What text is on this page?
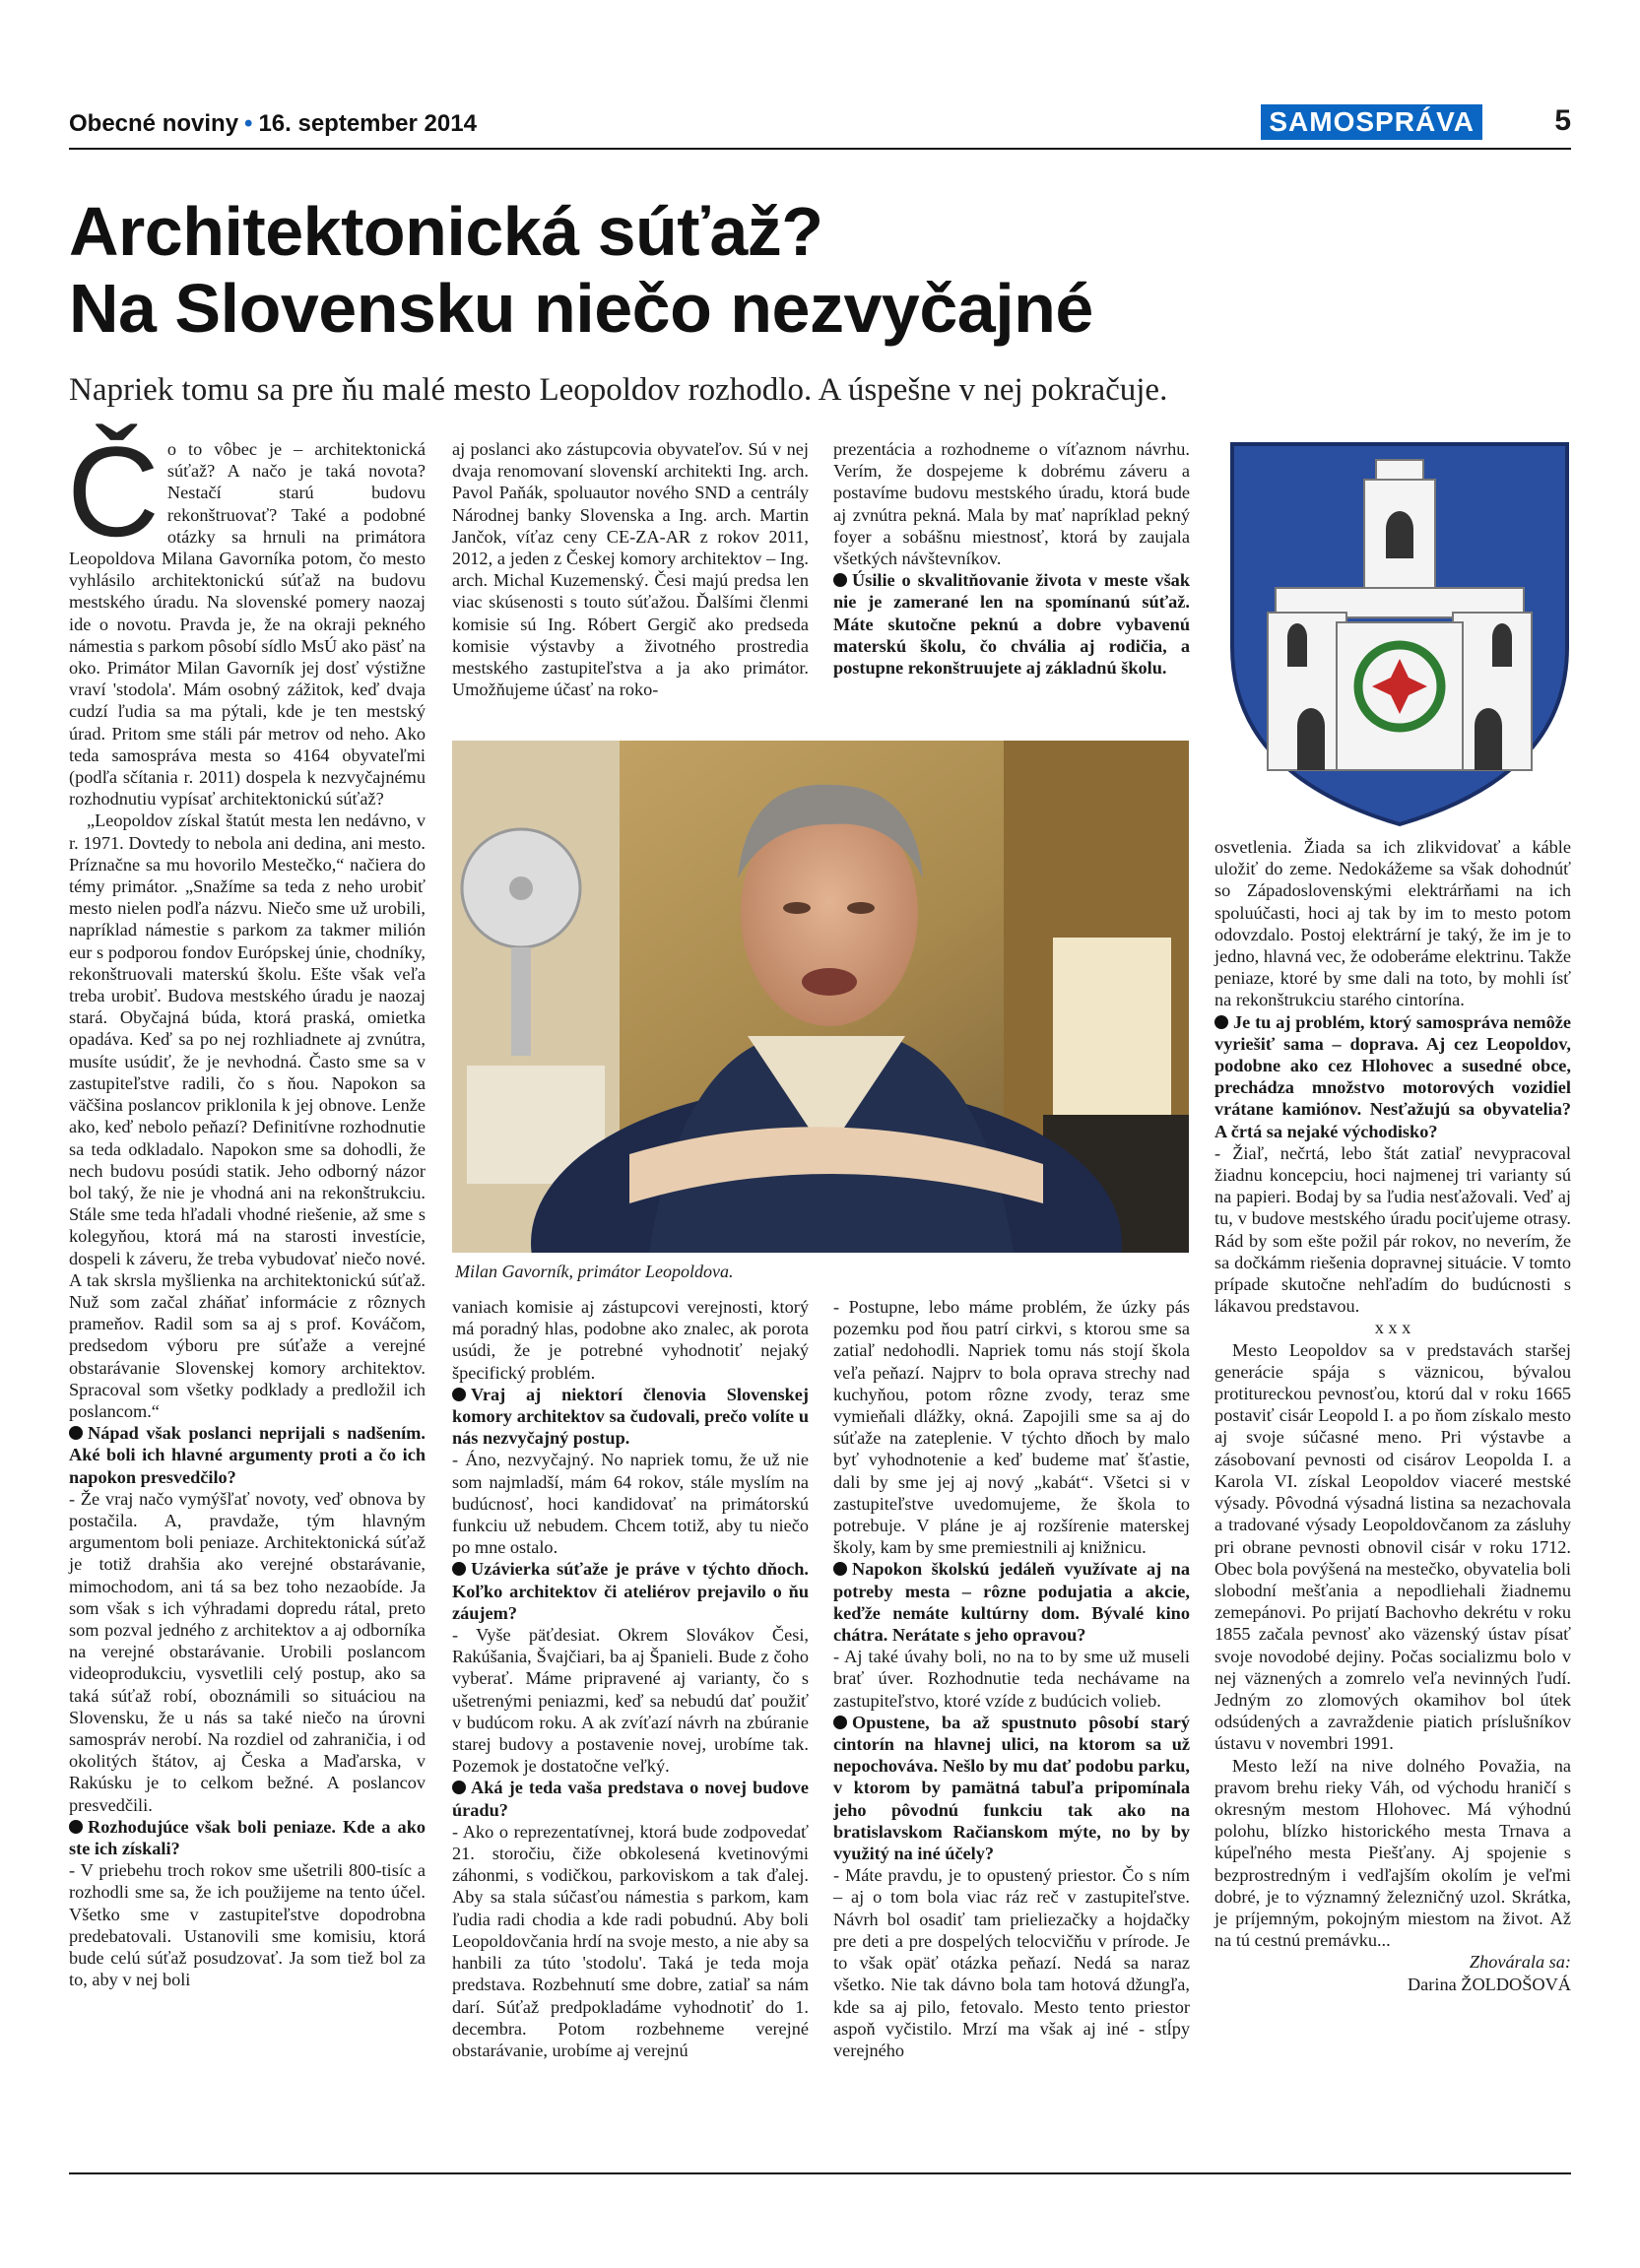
Obecné noviny • 16. september 2014	SAMOSPRÁVA	5
Architektonická súťaž?
Na Slovensku niečo nezvyčajné
Napriek tomu sa pre ňu malé mesto Leopoldov rozhodlo. A úspešne v nej pokračuje.
Č o to vôbec je – architektonická súťaž? A načo je taká novota? Nestačí starú budovu rekonštruovať? Také a podobné otázky sa hrnuli na primátora Leopoldova Milana Gavorníka potom, čo mesto vyhlásilo architektonickú súťaž na budovu mestského úradu. Na slovenské pomery naozaj ide o novotu. Pravda je, že na okraji pekného námestia s parkom pôsobí sídlo MsÚ ako päsť na oko. Primátor Milan Gavorník jej dosť výstižne vraví 'stodola'. Mám osobný zážitok, keď dvaja cudzí ľudia sa ma pýtali, kde je ten mestský úrad. Pritom sme stáli pár metrov od neho. Ako teda samospráva mesta so 4164 obyvateľmi (podľa sčítania r. 2011) dospela k nezvyčajnému rozhodnutiu vypísať architektonickú súťaž?

„Leopoldov získal štatút mesta len nedávno, v r. 1971. Dovtedy to nebola ani dedina, ani mesto. Príznačne sa mu hovorilo Mestečko,“ načiera do témy primátor. „Snažíme sa teda z neho urobiť mesto nielen podľa názvu. Niečo sme už urobili, napríklad námestie s parkom za takmer milión eur s podporou fondov Európskej únie, chodníky, rekonštruovali materskú školu. Ešte však veľa treba urobiť. Budova mestského úradu je naozaj stará. Obyčajná búda, ktorá praská, omietka opadáva. Keď sa po nej rozhliadnete aj zvnútra, musíte usúdiť, že je nevhodná. Často sme sa v zastupiteľstve radili, čo s ňou. Napokon sa väčšina poslancov priklonila k jej obnove. Lenže ako, keď nebolo peňazí? Definitívne rozhodnutie sa teda odkladalo. Napokon sme sa dohodli, že nech budovu posúdi statik. Jeho odborný názor bol taký, že nie je vhodná ani na rekonštrukciu. Stále sme teda hľadali vhodné riešenie, až sme s kolegyňou, ktorá má na starosti investície, dospeli k záveru, že treba vybudovať niečo nové. A tak skrsla myšlienka na architektonickú súťaž. Nuž som začal zháňať informácie z rôznych prameňov. Radil som sa aj s prof. Kováčom, predsedom výboru pre súťaže a verejné obstarávanie Slovenskej komory architektov. Spracoval som všetky podklady a predložil ich poslancom.“

Nápad však poslanci neprijali s nadšením. Aké boli ich hlavné argumenty proti a čo ich napokon presvedčilo?

- Že vraj načo vymýšľať novoty, veď obnova by postačila. A, pravdaže, tým hlavným argumentom boli peniaze. Architektonická súťaž je totiž drahšia ako verejné obstarávanie, mimochodom, ani tá sa bez toho nezaobíde. Ja som však s ich výhradami dopredu rátal, preto som pozval jedného z architektov a aj odborníka na verejné obstarávanie. Urobili poslancom videoprodukciu, vysvetlili celý postup, ako sa taká súťaž robí, oboznámili so situáciou na Slovensku, že u nás sa také niečo na úrovni samospráv nerobí. Na rozdiel od zahraničia, i od okolitých štátov, aj Česka a Maďarska, v Rakúsku je to celkom bežné. A poslancov presvedčili.

Rozhodujúce však boli peniaze. Kde a ako ste ich získali?

- V priebehu troch rokov sme ušetrili 800-tisíc a rozhodli sme sa, že ich použijeme na tento účel. Všetko sme v zastupiteľstve dopodrobna predebatovali. Ustanovili sme komisiu, ktorá bude celú súťaž posudzovať. Ja som tiež bol za to, aby v nej boli

aj poslanci ako zástupcovia obyvateľov. Sú v nej dvaja renomovaní slovenskí architekti Ing. arch. Pavol Paňák, spoluautor nového SND a centrály Národnej banky Slovenska a Ing. arch. Martin Jančok, víťaz ceny CE-ZA-AR z rokov 2011, 2012, a jeden z Českej komory architektov – Ing. arch. Michal Kuzemenský. Česi majú predsa len viac skúsenosti s touto súťažou. Ďalšími členmi komisie sú Ing. Róbert Gergič ako predseda komisie výstavby a životného prostredia mestského zastupiteľstva a ja ako primátor. Umožňujeme účasť na roko-

prezentácia a rozhodneme o víťaznom návrhu. Verím, že dospejeme k dobrému záveru a postavíme budovu mestského úradu, ktorá bude aj zvnútra pekná. Mala by mať napríklad pekný foyer a sobášnu miestnosť, ktorá by zaujala všetkých návštevníkov.

Úsilie o skvalitňovanie života v meste však nie je zamerané len na spomínanú súťaž. Máte skutočne peknú a dobre vybavenú materskú školu, čo chvália aj rodičia, a postupne rekonštruujete aj základnú školu.

Milan Gavorník, primátor Leopoldova.

vaniach komisie aj zástupcovi verejnosti, ktorý má poradný hlas, podobne ako znalec, ak porota usúdi, že je potrebné vyhodnotiť nejaký špecifický problém.

Vraj aj niektorí členovia Slovenskej komory architektov sa čudovali, prečo volíte u nás nezvyčajný postup.

- Áno, nezvyčajný. No napriek tomu, že už nie som najmladší, mám 64 rokov, stále myslím na budúcnosť, hoci kandidovať na primátorskú funkciu už nebudem. Chcem totiž, aby tu niečo po mne ostalo.

Uzávierka súťaže je práve v týchto dňoch. Koľko architektov či ateliérov prejavilo o ňu záujem?

- Vyše päťdesiat. Okrem Slovákov Česi, Rakúšania, Švajčiari, ba aj Španieli. Bude z čoho vyberať. Máme pripravené aj varianty, čo s ušetrenými peniazmi, keď sa nebudú dať použiť v budúcom roku. A ak zvíťazí návrh na zbúranie starej budovy a postavenie novej, urobíme tak. Pozemok je dostatočne veľký.

Aká je teda vaša predstava o novej budove úradu?

- Ako o reprezentatívnej, ktorá bude zodpovedať 21. storočiu, čiže obkolesená kvetinovými záhonmi, s vodičkou, parkoviskom a tak ďalej. Aby sa stala súčasťou námestia s parkom, kam ľudia radi chodia a kde radi pobudnú. Aby boli Leopoldovčania hrdí na svoje mesto, a nie aby sa hanbili za túto 'stodolu'. Taká je teda moja predstava. Rozbehnutí sme dobre, zatiaľ sa nám darí. Súťaž predpokladáme vyhodnotiť do 1. decembra. Potom rozbehneme verejné obstarávanie, urobíme aj verejnú

- Postupne, lebo máme problém, že úzky pás pozemku pod ňou patrí cirkvi, s ktorou sme sa zatiaľ nedohodli. Napriek tomu nás stojí škola veľa peňazí. Najprv to bola oprava strechy nad kuchyňou, potom rôzne zvody, teraz sme vymieňali dlážky, okná. Zapojili sme sa aj do súťaže na zateplenie. V týchto dňoch by malo byť vyhodnotenie a keď budeme mať šťastie, dali by sme jej aj nový „kabát“. Všetci si v zastupiteľstve uvedomujeme, že škola to potrebuje. V pláne je aj rozšírenie materskej školy, kam by sme premiestnili aj knižnicu.

Napokon školskú jedáleň využívate aj na potreby mesta – rôzne podujatia a akcie, keďže nemáte kultúrny dom. Bývalé kino chátra. Nerátate s jeho opravou?

- Aj také úvahy boli, no na to by sme už museli brať úver. Rozhodnutie teda nechávame na zastupiteľstvo, ktoré vzíde z budúcich volieb.

Opustene, ba až spustnuto pôsobí starý cintorín na hlavnej ulici, na ktorom sa už nepochováva. Nešlo by mu dať podobu parku, v ktorom by pamätná tabuľa pripomínala jeho pôvodnú funkciu tak ako na bratislavskom Račianskom mýte, no by by využitý na iné účely?

- Máte pravdu, je to opustený priestor. Čo s ním – aj o tom bola viac ráz reč v zastupiteľstve. Návrh bol osadiť tam prieliezačky a hojdačky pre deti a pre dospelých telocvičňu v prírode. Je to však opäť otázka peňazí. Nedá sa naraz všetko. Nie tak dávno bola tam hotová džungľa, kde sa aj pilo, fetovalo. Mesto tento priestor aspoň vyčistilo. Mrzí ma však aj iné - stĺpy verejného

osvetlenia. Žiada sa ich zlikvidovať a káble uložiť do zeme. Nedokážeme sa však dohodnúť so Západoslovenskými elektrárňami na ich spoluúčasti, hoci aj tak by im to mesto potom odovzdalo. Postoj elektrární je taký, že im je to jedno, hlavná vec, že odoberáme elektrinu. Takže peniaze, ktoré by sme dali na toto, by mohli ísť na rekonštrukciu starého cintorína.

Je tu aj problém, ktorý samospráva nemôže vyriešiť sama – doprava. Aj cez Leopoldov, podobne ako cez Hlohovec a susedné obce, prechádza množstvo motorových vozidiel vrátane kamiónov. Nesťažujú sa obyvatelia? A črtá sa nejaké východisko?

- Žiaľ, nečrtá, lebo štát zatiaľ nevypracoval žiadnu koncepciu, hoci najmenej tri varianty sú na papieri. Bodaj by sa ľudia nesťažovali. Veď aj tu, v budove mestského úradu pociťujeme otrasy. Rád by som ešte požil pár rokov, no neverím, že sa dočkámm riešenia dopravnej situácie. V tomto prípade skutočne nehľadím do budúcnosti s lákavou predstavou.

x x x

Mesto Leopoldov sa v predstavách staršej generácie spája s väznicou, bývalou protitureckou pevnosťou, ktorú dal v roku 1665 postaviť cisár Leopold I. a po ňom získalo mesto aj svoje súčasné meno. Pri výstavbe a zásobovaní pevnosti od cisárov Leopolda I. a Karola VI. získal Leopoldov viaceré mestské výsady. Pôvodná výsadná listina sa nezachovala a tradované výsady Leopoldovčanom za zásluhy pri obrane pevnosti obnovil cisár v roku 1712. Obec bola povýšená na mestečko, obyvatelia boli slobodní mešťania a nepodliehali žiadnemu zemepánovi. Po prijatí Bachovho dekrétu v roku 1855 začala pevnosť ako väzenský ústav písať svoje novodobé dejiny. Počas socializmu bolo v nej väznených a zomrelo veľa nevinných ľudí. Jedným zo zlomových okamihov bol útek odsúdených a zavraždenie piatich príslušníkov ústavu v novembri 1991.

Mesto leží na nive dolného Považia, na pravom brehu rieky Váh, od východu hraničí s okresným mestom Hlohovec. Má výhodnú polohu, blízko historického mesta Trnava a kúpeľného mesta Piešťany. Aj spojenie s bezprostredným i vedľajším okolím je veľmi dobré, je to významný železničný uzol. Skrátka, je príjemným, pokojným miestom na život. Až na tú cestnú premávku...

Zhovárala sa:

Darina ŽOLDOŠOVÁ
